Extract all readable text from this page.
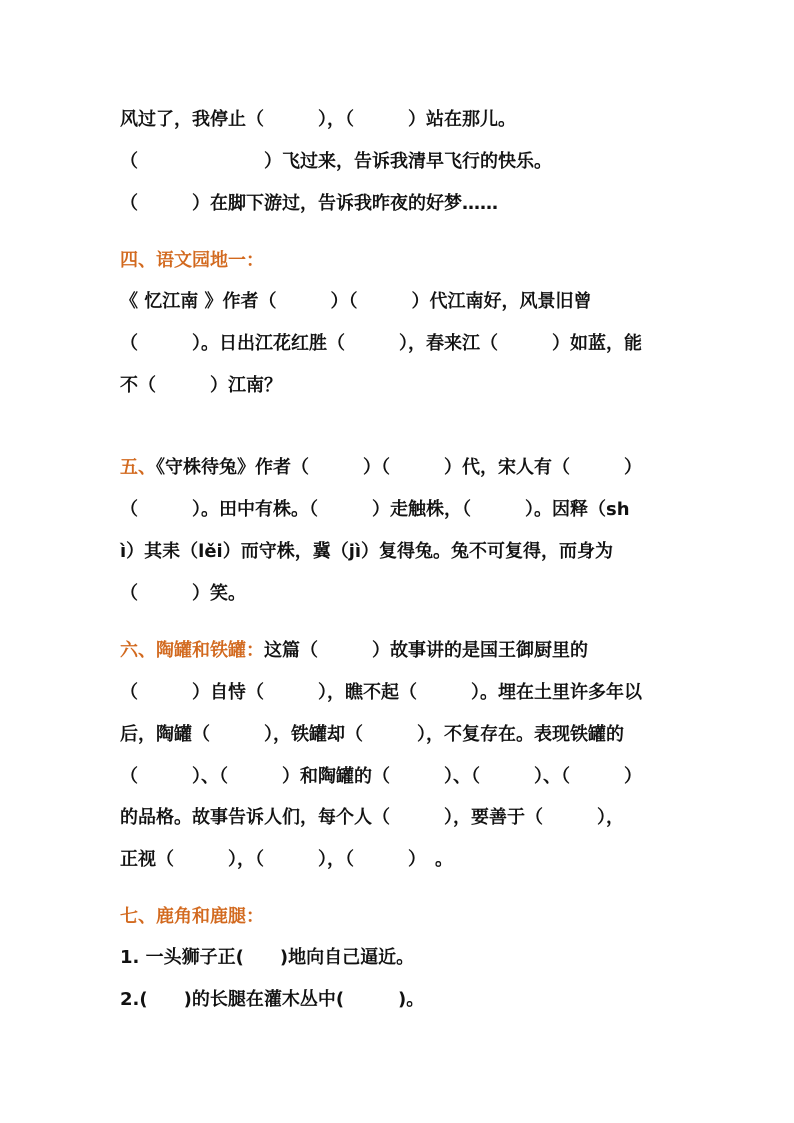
风过了，我停止（　　　），（　　　）站在那儿。

（　　　　　　　）飞过来，告诉我清早飞行的快乐。

（　　　）在脚下游过，告诉我昨夜的好梦……

四、语文园地一：

《 忆江南 》作者（　　　）（　　　）代江南好，风景旧曾

（　　　）。日出江花红胜（　　　），春来江（　　　）如蓝，能

不（　　　）江南？

五、《守株待兔》作者（　　　）（　　　）代，宋人有（　　　）

（　　　）。田中有株。（　　　）走触株，（　　　）。因释（sh

ì）其耒（lěi）而守株，冀（jì）复得兔。兔不可复得，而身为

（　　　）笑。

六、陶罐和铁罐：这篇（　　　）故事讲的是国王御厨里的

（　　　）自恃（　　　），瞧不起（　　　）。埋在土里许多年以

后，陶罐（　　　），铁罐却（　　　），不复存在。表现铁罐的

（　　　）、（　　　）和陶罐的（　　　）、（　　　）、（　　　）

的品格。故事告诉人们，每个人（　　　），要善于（　　　），

正视（　　　），（　　　），（　　　）　。

七、鹿角和鹿腿：

1. 一头狮子正(　　)地向自己逼近。

2.(　　)的长腿在灌木丛中(　　　)。
